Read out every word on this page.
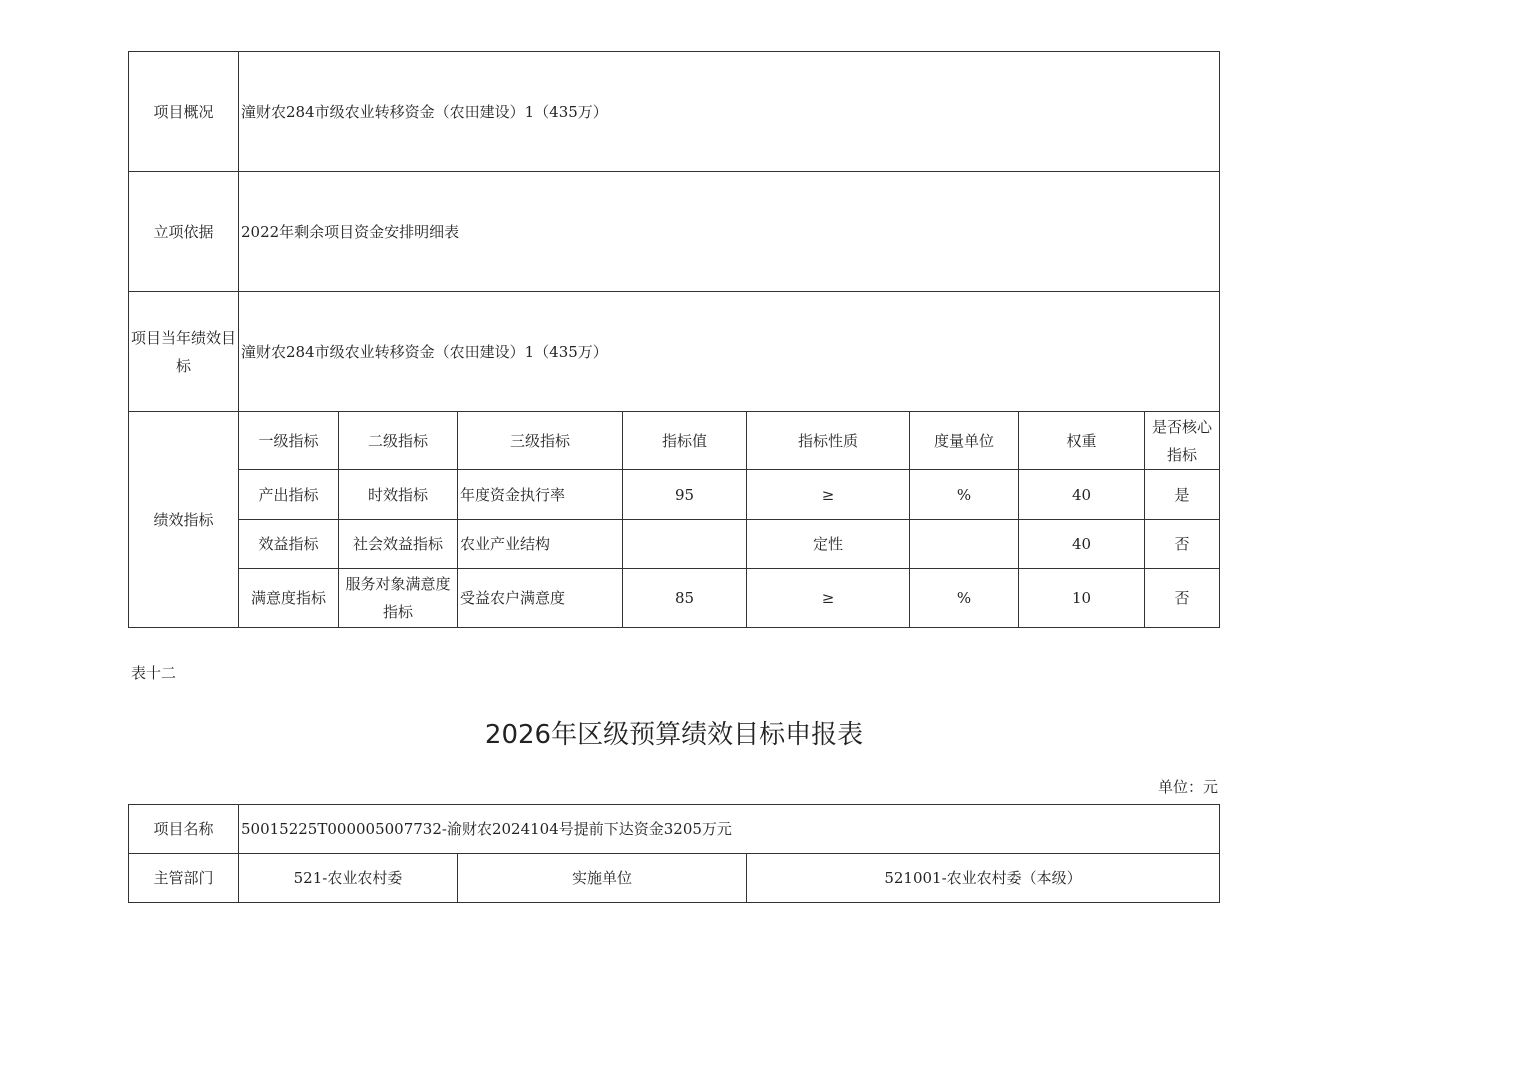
项目概况	潼财农284市级农业转移资金（农田建设）1（435万）							
立项依据	2022年剩余项目资金安排明细表							
项目当年绩效目标	潼财农284市级农业转移资金（农田建设）1（435万）							
绩效指标	一级指标	二级指标	三级指标	指标值	指标性质	度量单位	权重	是否核心指标
	产出指标	时效指标	年度资金执行率	95	≥	%	40	是
	效益指标	社会效益指标	农业产业结构		定性		40	否
	满意度指标	服务对象满意度指标	受益农户满意度	85	≥	%	10	否
表十二
2026年区级预算绩效目标申报表
单位：元
项目名称	50015225T000005007732-渝财农2024104号提前下达资金3205万元		
主管部门	521-农业农村委	实施单位	521001-农业农村委（本级）
